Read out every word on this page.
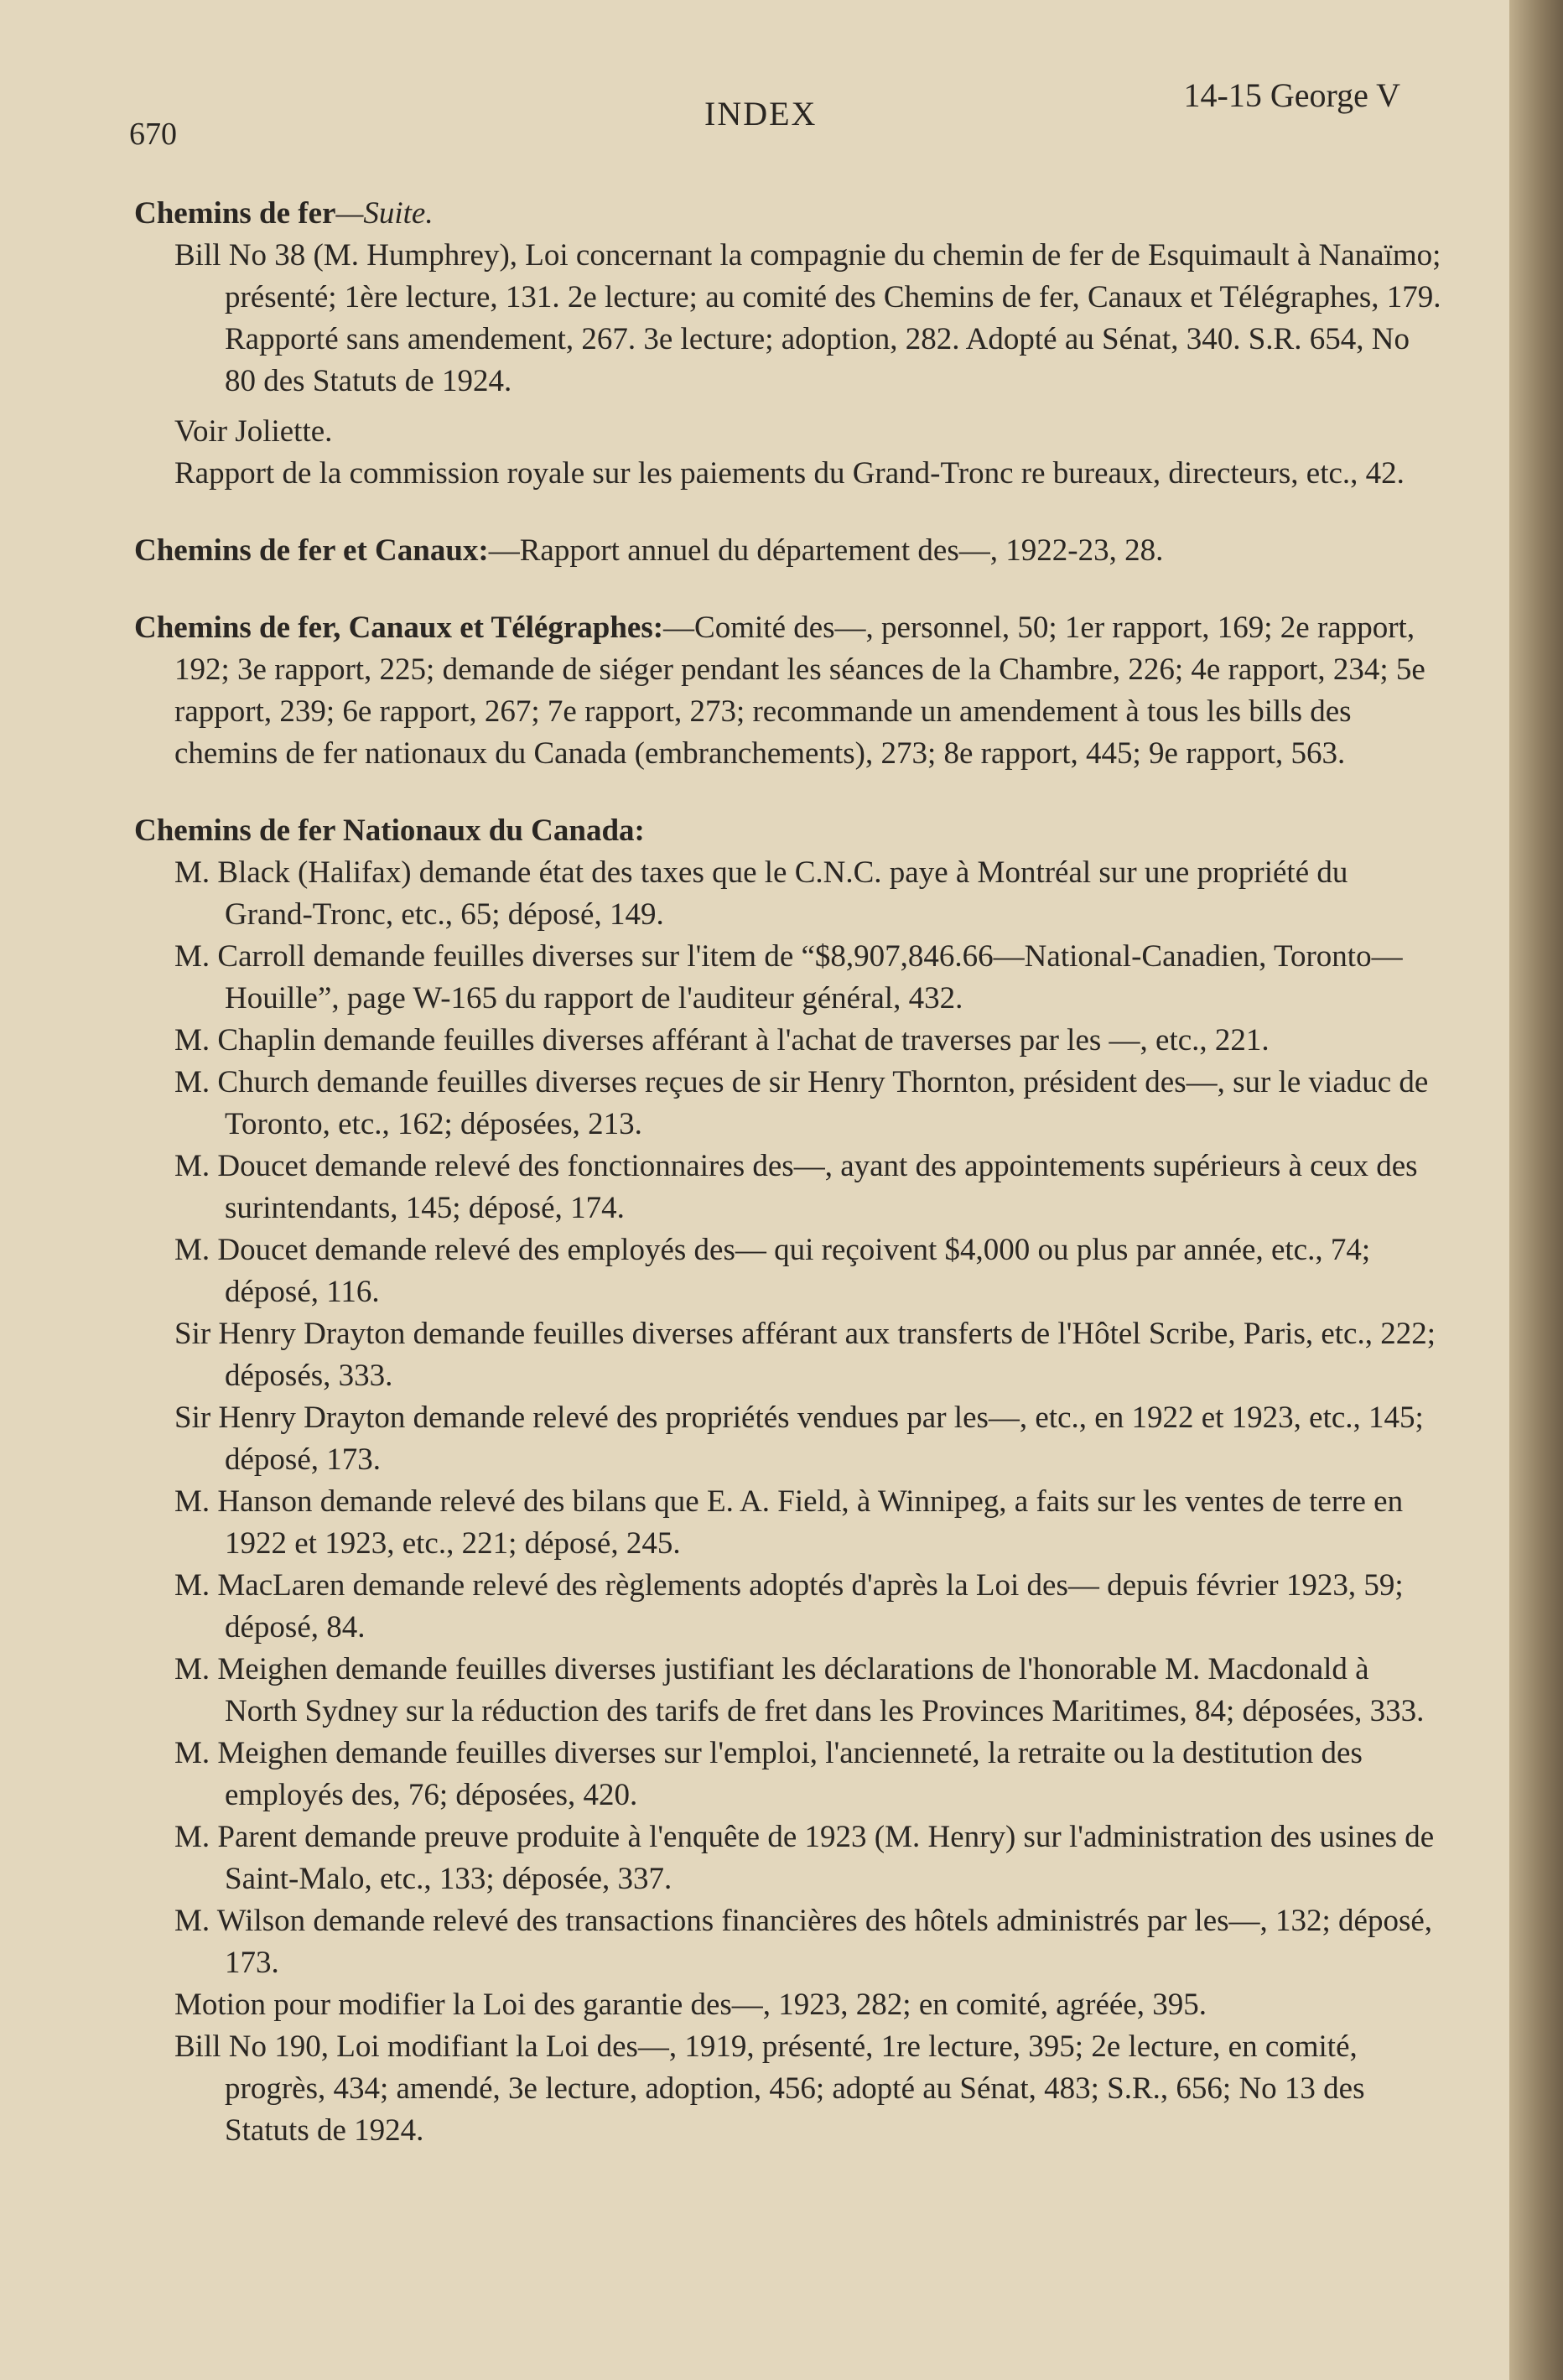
670
INDEX	14-15 George V
Chemins de fer—Suite.

Bill No 38 (M. Humphrey), Loi concernant la compagnie du chemin de fer de Esquimault à Nanaïmo; présenté; 1ère lecture, 131. 2e lecture; au comité des Chemins de fer, Canaux et Télégraphes, 179. Rapporté sans amendement, 267. 3e lecture; adoption, 282. Adopté au Sénat, 340. S.R. 654, No 80 des Statuts de 1924.

Voir Joliette.

Rapport de la commission royale sur les paiements du Grand-Tronc re bureaux, directeurs, etc., 42.

Chemins de fer et Canaux:—Rapport annuel du département des—, 1922-23, 28.

Chemins de fer, Canaux et Télégraphes:—Comité des—, personnel, 50; 1er rapport, 169; 2e rapport, 192; 3e rapport, 225; demande de siéger pendant les séances de la Chambre, 226; 4e rapport, 234; 5e rapport, 239; 6e rapport, 267; 7e rapport, 273; recommande un amendement à tous les bills des chemins de fer nationaux du Canada (embranchements), 273; 8e rapport, 445; 9e rapport, 563.

Chemins de fer Nationaux du Canada:

M. Black (Halifax) demande état des taxes que le C.N.C. paye à Montréal sur une propriété du Grand-Tronc, etc., 65; déposé, 149.

M. Carroll demande feuilles diverses sur l'item de “$8,907,846.66—National-Canadien, Toronto—Houille”, page W-165 du rapport de l'auditeur général, 432.

M. Chaplin demande feuilles diverses afférant à l'achat de traverses par les —, etc., 221.

M. Church demande feuilles diverses reçues de sir Henry Thornton, président des—, sur le viaduc de Toronto, etc., 162; déposées, 213.

M. Doucet demande relevé des fonctionnaires des—, ayant des appointements supérieurs à ceux des surintendants, 145; déposé, 174.

M. Doucet demande relevé des employés des— qui reçoivent $4,000 ou plus par année, etc., 74; déposé, 116.

Sir Henry Drayton demande feuilles diverses afférant aux transferts de l'Hôtel Scribe, Paris, etc., 222; déposés, 333.

Sir Henry Drayton demande relevé des propriétés vendues par les—, etc., en 1922 et 1923, etc., 145; déposé, 173.

M. Hanson demande relevé des bilans que E. A. Field, à Winnipeg, a faits sur les ventes de terre en 1922 et 1923, etc., 221; déposé, 245.

M. MacLaren demande relevé des règlements adoptés d'après la Loi des— depuis février 1923, 59; déposé, 84.

M. Meighen demande feuilles diverses justifiant les déclarations de l'honorable M. Macdonald à North Sydney sur la réduction des tarifs de fret dans les Provinces Maritimes, 84; déposées, 333.

M. Meighen demande feuilles diverses sur l'emploi, l'ancienneté, la retraite ou la destitution des employés des, 76; déposées, 420.

M. Parent demande preuve produite à l'enquête de 1923 (M. Henry) sur l'administration des usines de Saint-Malo, etc., 133; déposée, 337.

M. Wilson demande relevé des transactions financières des hôtels administrés par les—, 132; déposé, 173.

Motion pour modifier la Loi des garantie des—, 1923, 282; en comité, agréée, 395.

Bill No 190, Loi modifiant la Loi des—, 1919, présenté, 1re lecture, 395; 2e lecture, en comité, progrès, 434; amendé, 3e lecture, adoption, 456; adopté au Sénat, 483; S.R., 656; No 13 des Statuts de 1924.
